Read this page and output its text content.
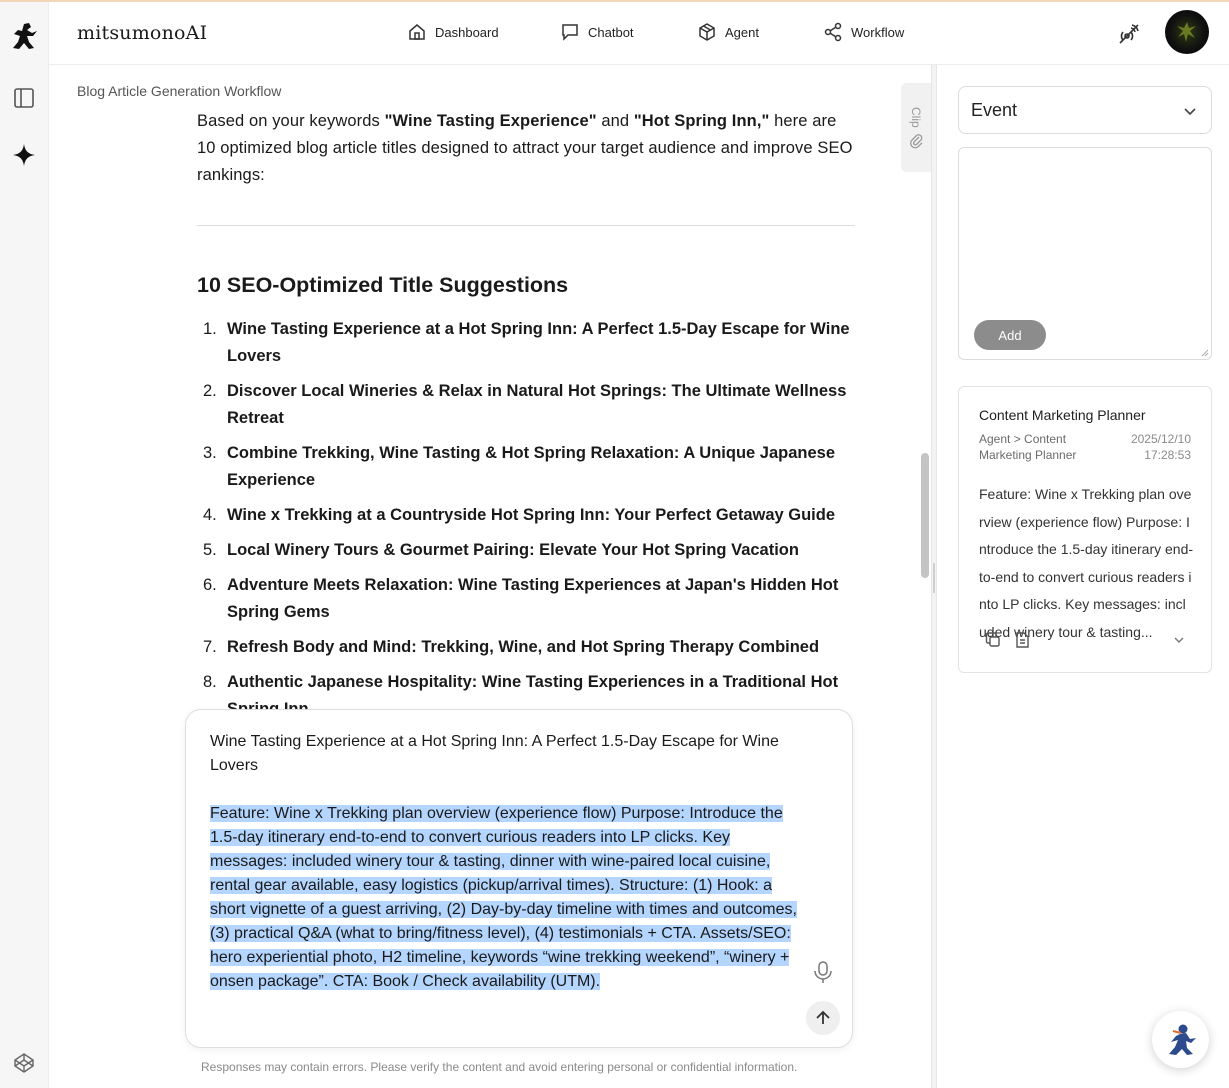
mitsumonoAI	Dashboard	Chatbot	Agent	Workflow
Blog Article Generation Workflow

Based on your keywords "Wine Tasting Experience" and "Hot Spring Inn," here are 10 optimized blog article titles designed to attract your target audience and improve SEO rankings:

10 SEO-Optimized Title Suggestions
1. Wine Tasting Experience at a Hot Spring Inn: A Perfect 1.5-Day Escape for Wine Lovers
2. Discover Local Wineries & Relax in Natural Hot Springs: The Ultimate Wellness Retreat
3. Combine Trekking, Wine Tasting & Hot Spring Relaxation: A Unique Japanese Experience
4. Wine x Trekking at a Countryside Hot Spring Inn: Your Perfect Getaway Guide
5. Local Winery Tours & Gourmet Pairing: Elevate Your Hot Spring Vacation
6. Adventure Meets Relaxation: Wine Tasting Experiences at Japan's Hidden Hot Spring Gems
7. Refresh Body and Mind: Trekking, Wine, and Hot Spring Therapy Combined
8. Authentic Japanese Hospitality: Wine Tasting Experiences in a Traditional Hot
Clip
Wine Tasting Experience at a Hot Spring Inn: A Perfect 1.5-Day Escape for Wine Lovers
Feature: Wine x Trekking plan overview (experience flow) Purpose: Introduce the 1.5-day itinerary end-to-end to convert curious readers into LP clicks. Key messages: included winery tour & tasting, dinner with wine-paired local cuisine, rental gear available, easy logistics (pickup/arrival times). Structure: (1) Hook: a short vignette of a guest arriving, (2) Day-by-day timeline with times and outcomes, (3) practical Q&A (what to bring/fitness level), (4) testimonials + CTA. Assets/SEO: hero experiential photo, H2 timeline, keywords “wine trekking weekend”, “winery + onsen package”. CTA: Book / Check availability (UTM).
Responses may contain errors. Please verify the content and avoid entering personal or confidential information.
Event
Add
Content Marketing Planner
Agent > Content Marketing Planner
2025/12/10
17:28:53
Feature: Wine x Trekking plan overview (experience flow) Purpose: Introduce the 1.5-day itinerary end-to-end to convert curious readers into LP clicks. Key messages: included winery tour & tasting...
